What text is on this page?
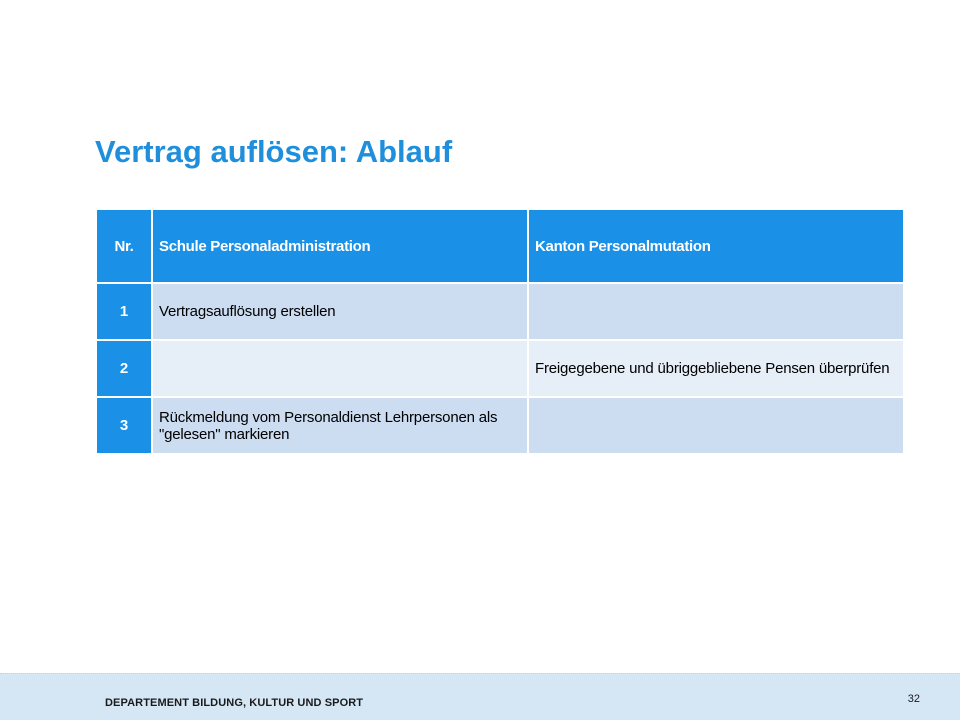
Vertrag auflösen: Ablauf
Nr.	Schule Personaladministration	Kanton Personalmutation
1	Vertragsauflösung erstellen	
2		Freigegebene und übriggebliebene Pensen überprüfen
3	Rückmeldung vom Personaldienst Lehrpersonen als "gelesen" markieren	
DEPARTEMENT BILDUNG, KULTUR UND SPORT	32
